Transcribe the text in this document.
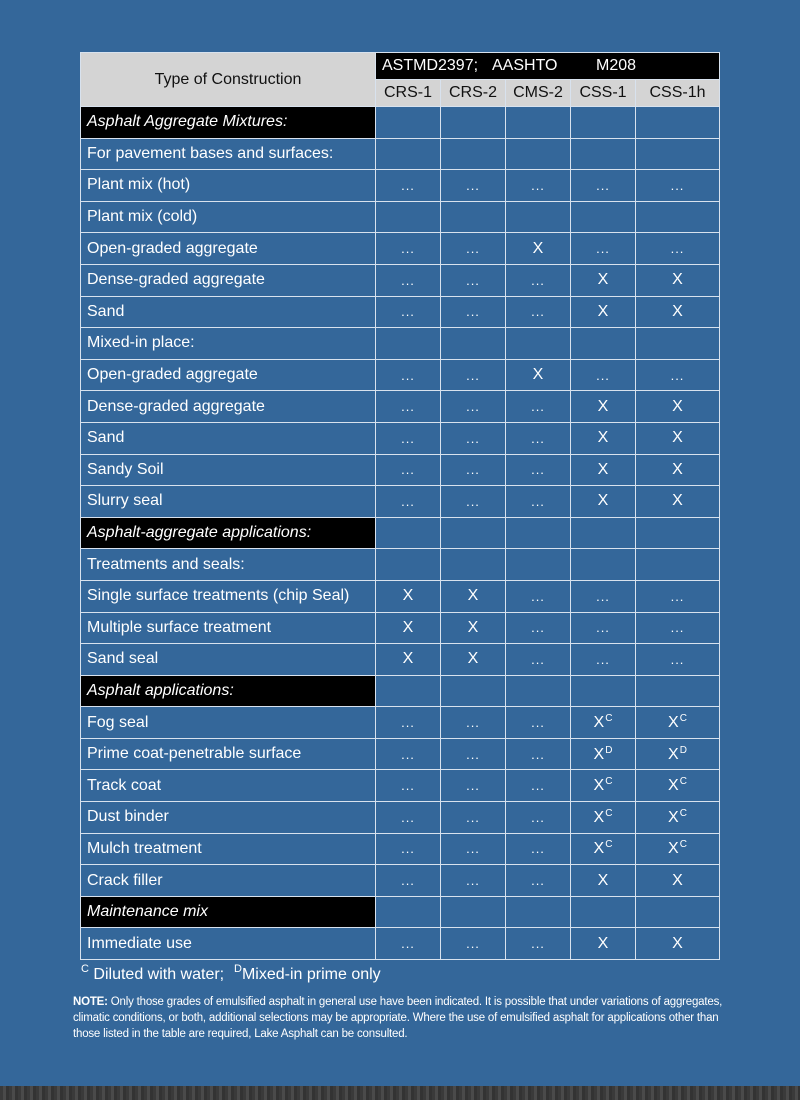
Type of Construction	ASTMD2397; AASHTO M208				
	CRS-1	CRS-2	CMS-2	CSS-1	CSS-1h
Asphalt Aggregate Mixtures:					
For pavement bases and surfaces:					
Plant mix (hot)	...	...	...	...	...
Plant mix (cold)					
Open-graded aggregate	...	...	X	...	...
Dense-graded aggregate	...	...	...	X	X
Sand	...	...	...	X	X
Mixed-in place:					
Open-graded aggregate	...	...	X	...	...
Dense-graded aggregate	...	...	...	X	X
Sand	...	...	...	X	X
Sandy Soil	...	...	...	X	X
Slurry seal	...	...	...	X	X
Asphalt-aggregate applications:					
Treatments and seals:					
Single surface treatments (chip Seal)	X	X	...	...	...
Multiple surface treatment	X	X	...	...	...
Sand seal	X	X	...	...	...
Asphalt applications:					
Fog seal	...	...	...	$X^C$	$X^C$
Prime coat-penetrable surface	...	...	...	$X^D$	$X^D$
Track coat	...	...	...	$X^C$	$X^C$
Dust binder	...	...	...	$X^C$	$X^C$
Mulch treatment	...	...	...	$X^C$	$X^C$
Crack filler	...	...	...	X	X
Maintenance mix					
Immediate use	...	...	...	X	X
$^C$ Diluted with water; $^D$Mixed-in prime only
NOTE: Only those grades of emulsified asphalt in general use have been indicated. It is possible that under variations of aggregates, climatic conditions, or both, additional selections may be appropriate. Where the use of emulsified asphalt for applications other than those listed in the table are required, Lake Asphalt can be consulted.
